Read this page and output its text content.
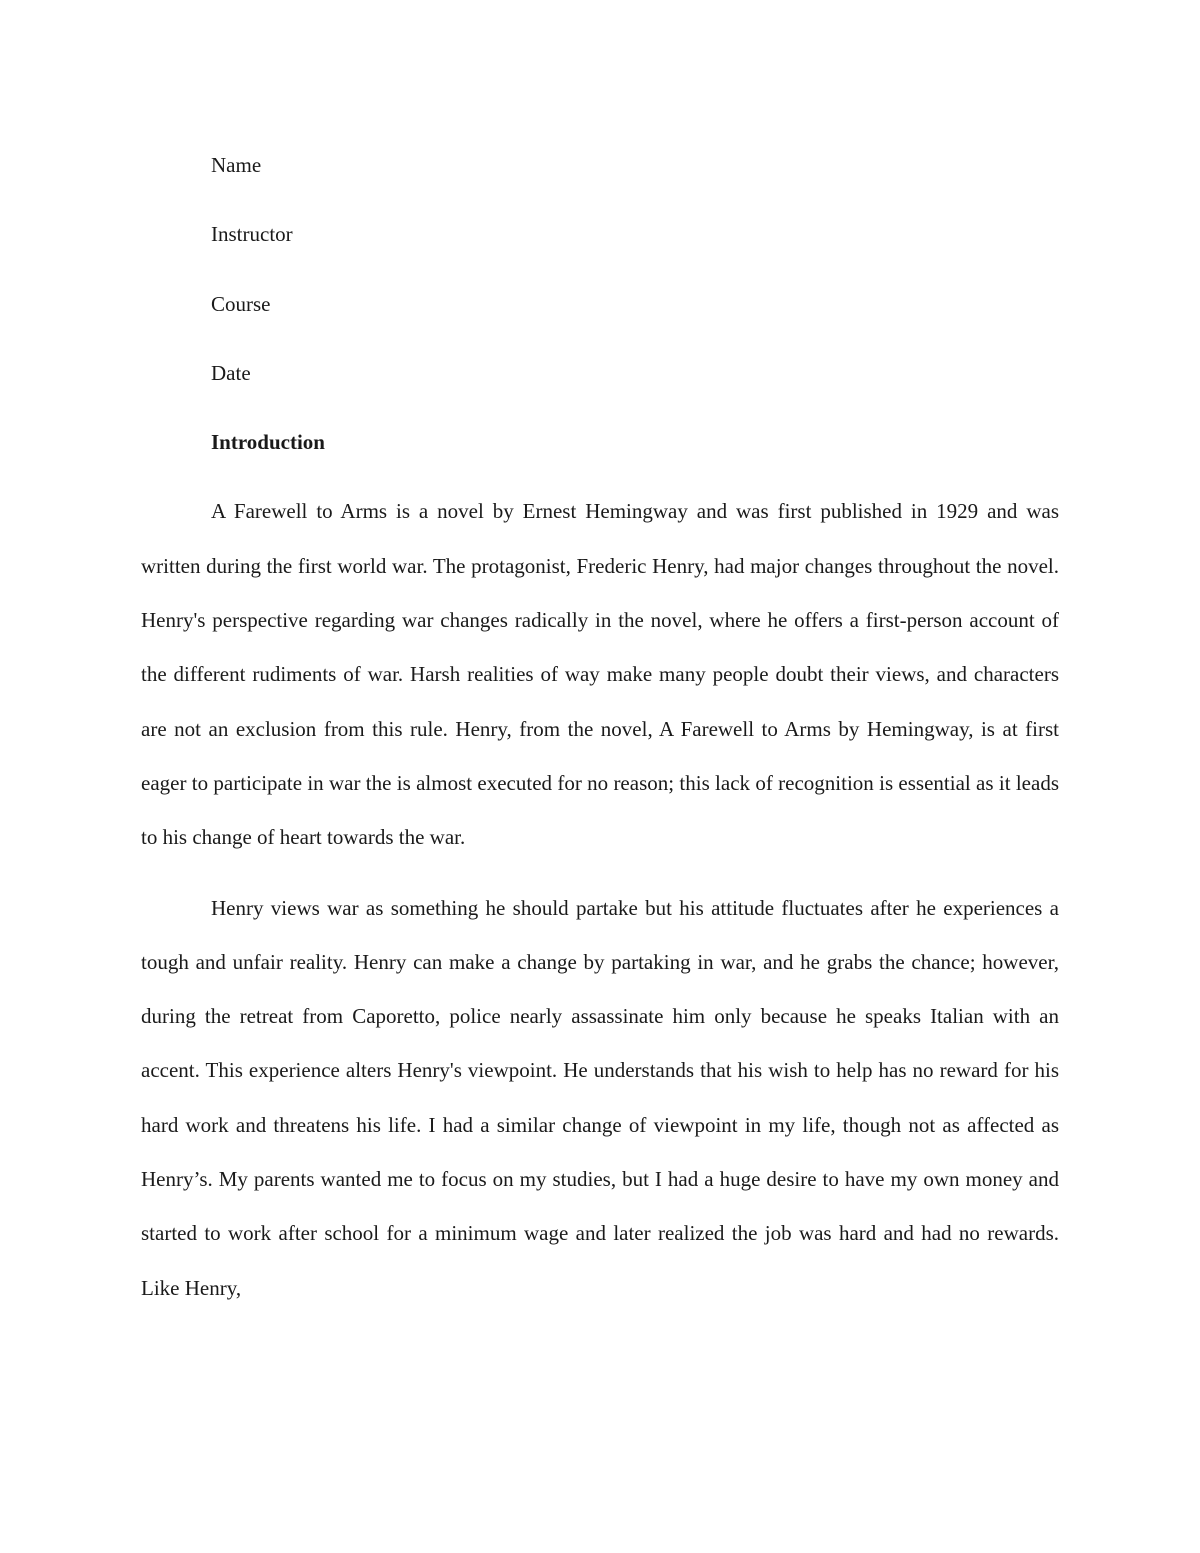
Name
Instructor
Course
Date
Introduction

A Farewell to Arms is a novel by Ernest Hemingway and was first published in 1929 and was written during the first world war. The protagonist, Frederic Henry, had major changes throughout the novel. Henry's perspective regarding war changes radically in the novel, where he offers a first-person account of the different rudiments of war. Harsh realities of way make many people doubt their views, and characters are not an exclusion from this rule. Henry, from the novel, A Farewell to Arms by Hemingway, is at first eager to participate in war the is almost executed for no reason; this lack of recognition is essential as it leads to his change of heart towards the war.

Henry views war as something he should partake but his attitude fluctuates after he experiences a tough and unfair reality. Henry can make a change by partaking in war, and he grabs the chance; however, during the retreat from Caporetto, police nearly assassinate him only because he speaks Italian with an accent. This experience alters Henry's viewpoint. He understands that his wish to help has no reward for his hard work and threatens his life. I had a similar change of viewpoint in my life, though not as affected as Henry’s. My parents wanted me to focus on my studies, but I had a huge desire to have my own money and started to work after school for a minimum wage and later realized the job was hard and had no rewards. Like Henry,
